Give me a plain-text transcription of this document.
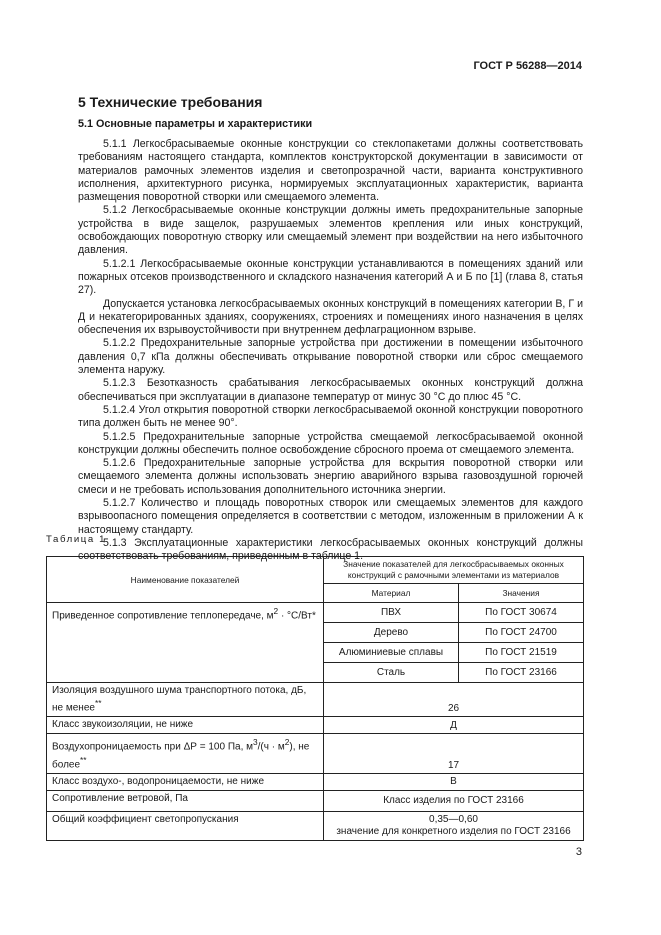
ГОСТ Р 56288—2014
5 Технические требования
5.1 Основные параметры и характеристики

5.1.1 Легкосбрасываемые оконные конструкции со стеклопакетами должны соответствовать требованиям настоящего стандарта, комплектов конструкторской документации в зависимости от материалов рамочных элементов изделия и светопрозрачной части, варианта конструктивного исполнения, архитектурного рисунка, нормируемых эксплуатационных характеристик, варианта размещения поворотной створки или смещаемого элемента.

5.1.2 Легкосбрасываемые оконные конструкции должны иметь предохранительные запорные устройства в виде защелок, разрушаемых элементов крепления или иных конструкций, освобождающих поворотную створку или смещаемый элемент при воздействии на него избыточного давления.

5.1.2.1 Легкосбрасываемые оконные конструкции устанавливаются в помещениях зданий или пожарных отсеков производственного и складского назначения категорий А и Б по [1] (глава 8, статья 27).

Допускается установка легкосбрасываемых оконных конструкций в помещениях категории В, Г и Д и некатегорированных зданиях, сооружениях, строениях и помещениях иного назначения в целях обеспечения их взрывоустойчивости при внутреннем дефлаграционном взрыве.

5.1.2.2 Предохранительные запорные устройства при достижении в помещении избыточного давления 0,7 кПа должны обеспечивать открывание поворотной створки или сброс смещаемого элемента наружу.

5.1.2.3 Безотказность срабатывания легкосбрасываемых оконных конструкций должна обеспечиваться при эксплуатации в диапазоне температур от минус 30 °С до плюс 45 °С.

5.1.2.4 Угол открытия поворотной створки легкосбрасываемой оконной конструкции поворотного типа должен быть не менее 90°.

5.1.2.5 Предохранительные запорные устройства смещаемой легкосбрасываемой оконной конструкции должны обеспечить полное освобождение сбросного проема от смещаемого элемента.

5.1.2.6 Предохранительные запорные устройства для вскрытия поворотной створки или смещаемого элемента должны использовать энергию аварийного взрыва газовоздушной горючей смеси и не требовать использования дополнительного источника энергии.

5.1.2.7 Количество и площадь поворотных створок или смещаемых элементов для каждого взрывоопасного помещения определяется в соответствии с методом, изложенным в приложении А к настоящему стандарту.

5.1.3 Эксплуатационные характеристики легкосбрасываемых оконных конструкций должны соответствовать требованиям, приведенным в таблице 1.

Таблица 1
Наименование показателей	Значение показателей для легкосбрасываемых оконных конструкций с рамочными элементами из материалов	
	Материал	Значения
Приведенное сопротивление теплопередаче, $м^2 \cdot ^\circ С/Вт*$	ПВХ	По ГОСТ 30674
	Дерево	По ГОСТ 24700
	Алюминиевые сплавы	По ГОСТ 21519
	Сталь	По ГОСТ 23166
Изоляция воздушного шума транспортного потока, дБ, не менее**	26	
Класс звукоизоляции, не ниже	Д	
Воздухопроницаемость при ΔР = 100 Па, $м^3/(ч \cdot м^2)$, не более**	17	
Класс воздухо-, водопроницаемости, не ниже	В	
Сопротивление ветровой, Па	Класс изделия по ГОСТ 23166	
Общий коэффициент светопропускания	0,35—0,60
значение для конкретного изделия по ГОСТ 23166	
3
